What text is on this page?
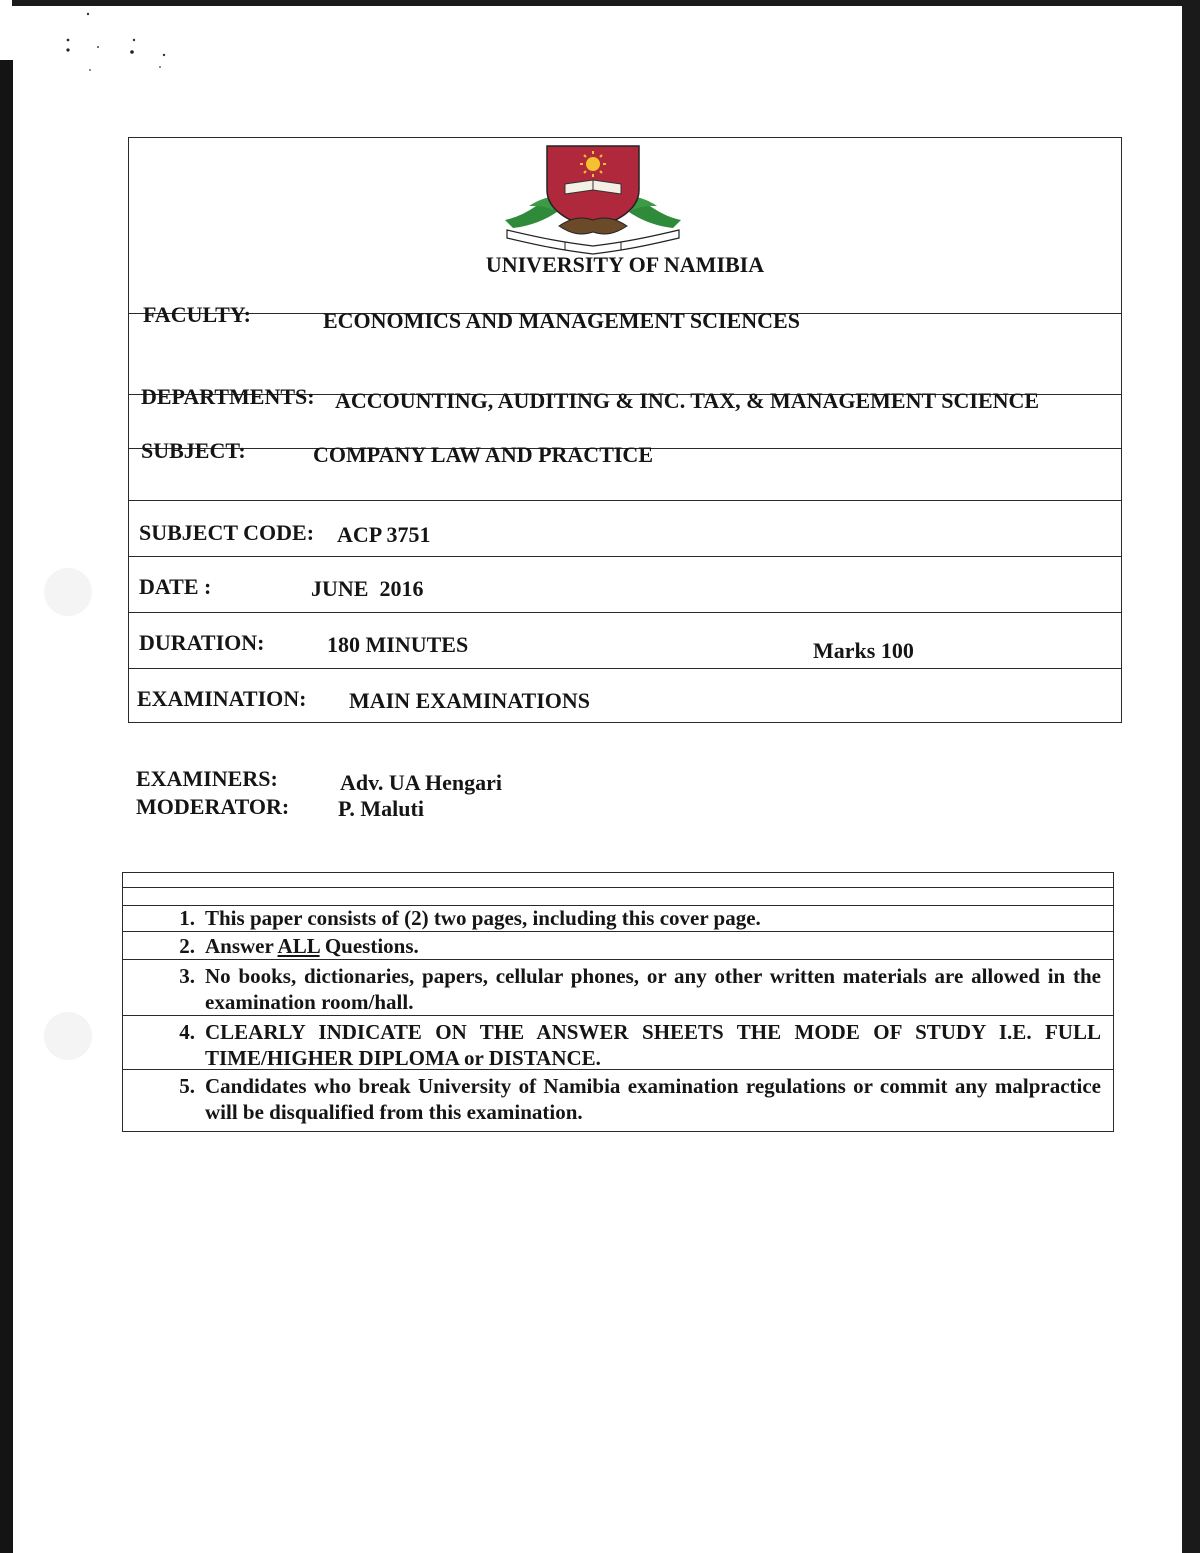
UNIVERSITY OF NAMIBIA
FACULTY:	ECONOMICS AND MANAGEMENT SCIENCES
DEPARTMENTS: ACCOUNTING, AUDITING & INC. TAX, & MANAGEMENT SCIENCE
SUBJECT:	COMPANY LAW AND PRACTICE
SUBJECT CODE: ACP 3751
DATE :	JUNE  2016
DURATION:	180 MINUTES	Marks 100
EXAMINATION: MAIN EXAMINATIONS
EXAMINERS:	Adv. UA Hengari
MODERATOR: P. Maluti
1. This paper consists of (2) two pages, including this cover page.
2. Answer ALL Questions.
3. No books, dictionaries, papers, cellular phones, or any other written materials are allowed in the examination room/hall.
4. CLEARLY INDICATE ON THE ANSWER SHEETS THE MODE OF STUDY I.E. FULL TIME/HIGHER DIPLOMA or DISTANCE.
5. Candidates who break University of Namibia examination regulations or commit any malpractice will be disqualified from this examination.
